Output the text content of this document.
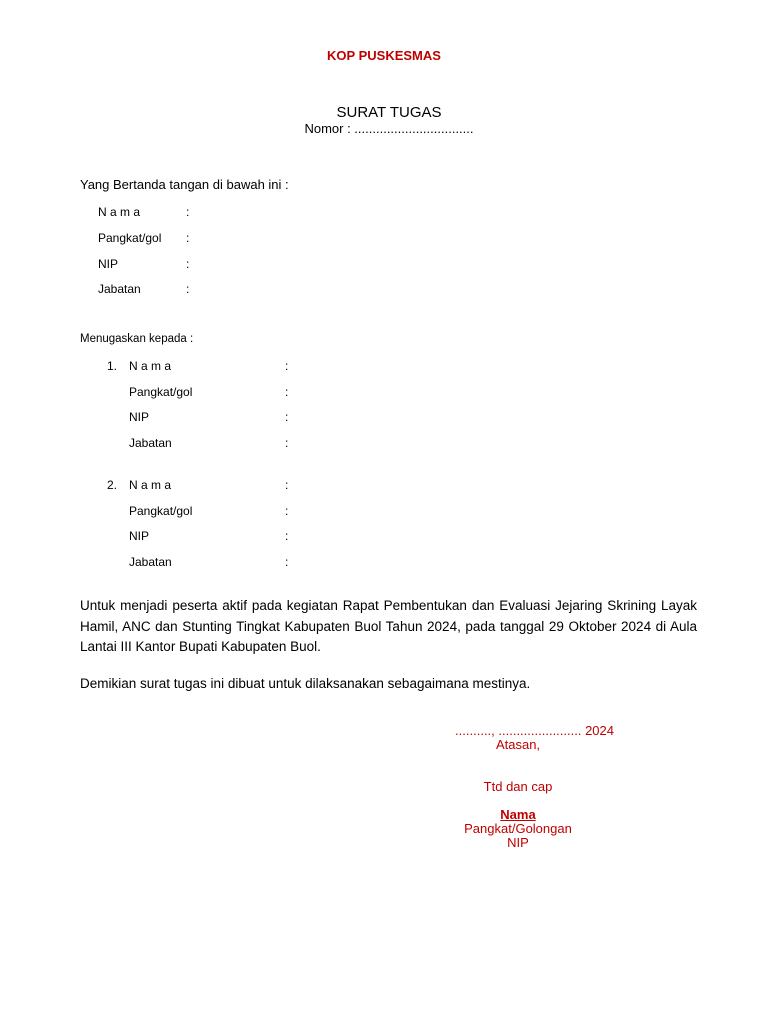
KOP PUSKESMAS
SURAT TUGAS
Nomor : .................................
Yang Bertanda tangan di bawah ini :
N a m a	:
Pangkat/gol :
NIP	:
Jabatan	:
Menugaskan kepada :
1. N a m a	:
Pangkat/gol	:
NIP	:
Jabatan	:
2. N a m a	:
Pangkat/gol	:
NIP	:
Jabatan	:
Untuk menjadi peserta aktif pada kegiatan Rapat Pembentukan dan Evaluasi Jejaring Skrining Layak Hamil, ANC dan Stunting Tingkat Kabupaten Buol Tahun 2024, pada tanggal 29 Oktober 2024 di Aula Lantai III Kantor Bupati Kabupaten Buol.
Demikian surat tugas ini dibuat untuk dilaksanakan sebagaimana mestinya.
.........., ....................... 2024
Atasan,
Ttd dan cap
Nama
Pangkat/Golongan
NIP
